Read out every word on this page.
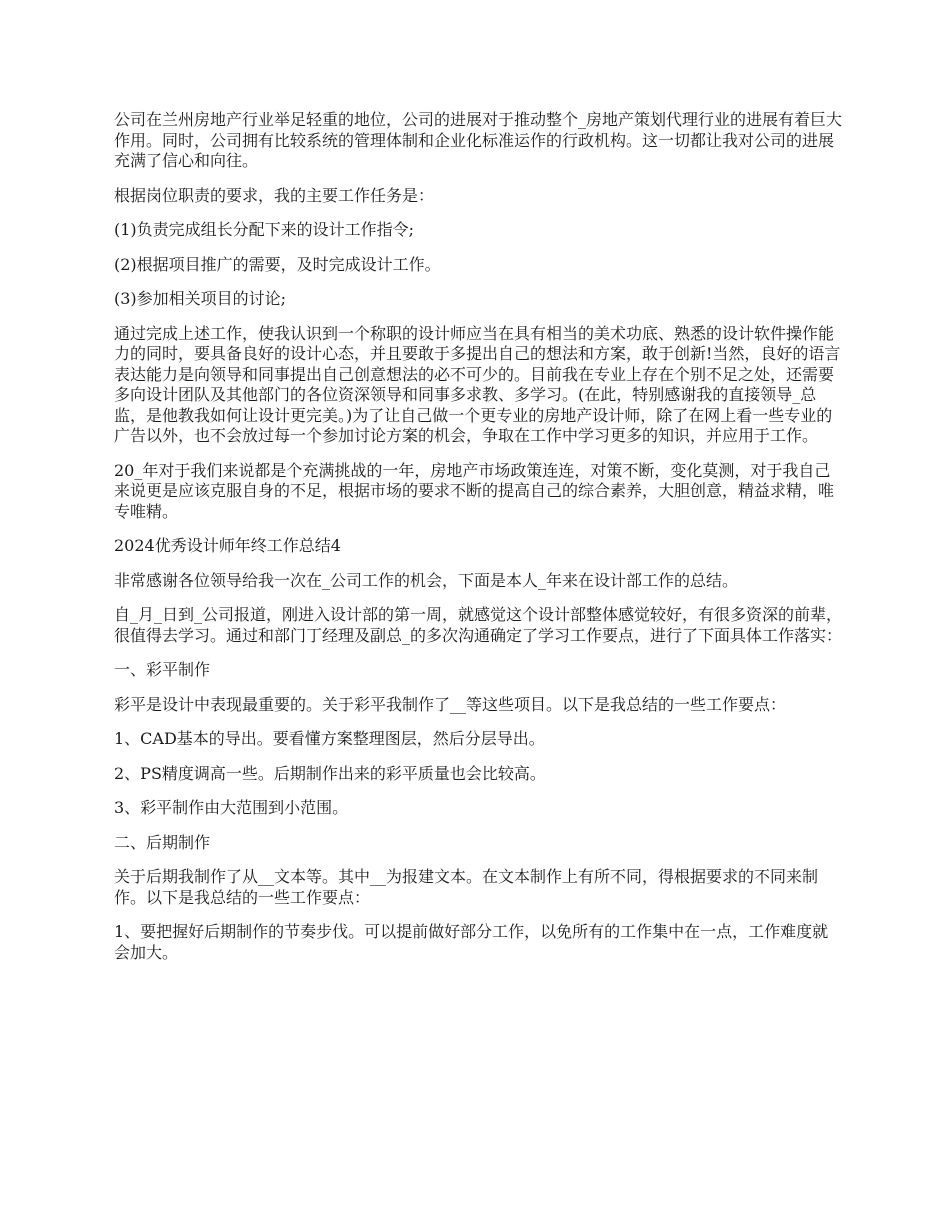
公司在兰州房地产行业举足轻重的地位，公司的进展对于推动整个_房地产策划代理行业的进展有着巨大作用。同时，公司拥有比较系统的管理体制和企业化标准运作的行政机构。这一切都让我对公司的进展充满了信心和向往。

根据岗位职责的要求，我的主要工作任务是：

(1)负责完成组长分配下来的设计工作指令;

(2)根据项目推广的需要，及时完成设计工作。

(3)参加相关项目的讨论;

通过完成上述工作，使我认识到一个称职的设计师应当在具有相当的美术功底、熟悉的设计软件操作能力的同时，要具备良好的设计心态，并且要敢于多提出自己的想法和方案，敢于创新!当然，良好的语言表达能力是向领导和同事提出自己创意想法的必不可少的。目前我在专业上存在个别不足之处，还需要多向设计团队及其他部门的各位资深领导和同事多求教、多学习。(在此，特别感谢我的直接领导_总监，是他教我如何让设计更完美。)为了让自己做一个更专业的房地产设计师，除了在网上看一些专业的广告以外，也不会放过每一个参加讨论方案的机会，争取在工作中学习更多的知识，并应用于工作。

20_年对于我们来说都是个充满挑战的一年，房地产市场政策连连，对策不断，变化莫测，对于我自己来说更是应该克服自身的不足，根据市场的要求不断的提高自己的综合素养，大胆创意，精益求精，唯专唯精。

2024优秀设计师年终工作总结4

非常感谢各位领导给我一次在_公司工作的机会，下面是本人_年来在设计部工作的总结。

自_月_日到_公司报道，刚进入设计部的第一周，就感觉这个设计部整体感觉较好，有很多资深的前辈，很值得去学习。通过和部门丁经理及副总_的多次沟通确定了学习工作要点，进行了下面具体工作落实：

一、彩平制作

彩平是设计中表现最重要的。关于彩平我制作了__等这些项目。以下是我总结的一些工作要点：

1、CAD基本的导出。要看懂方案整理图层，然后分层导出。

2、PS精度调高一些。后期制作出来的彩平质量也会比较高。

3、彩平制作由大范围到小范围。

二、后期制作

关于后期我制作了从__文本等。其中__为报建文本。在文本制作上有所不同，得根据要求的不同来制作。以下是我总结的一些工作要点：

1、要把握好后期制作的节奏步伐。可以提前做好部分工作，以免所有的工作集中在一点，工作难度就会加大。
